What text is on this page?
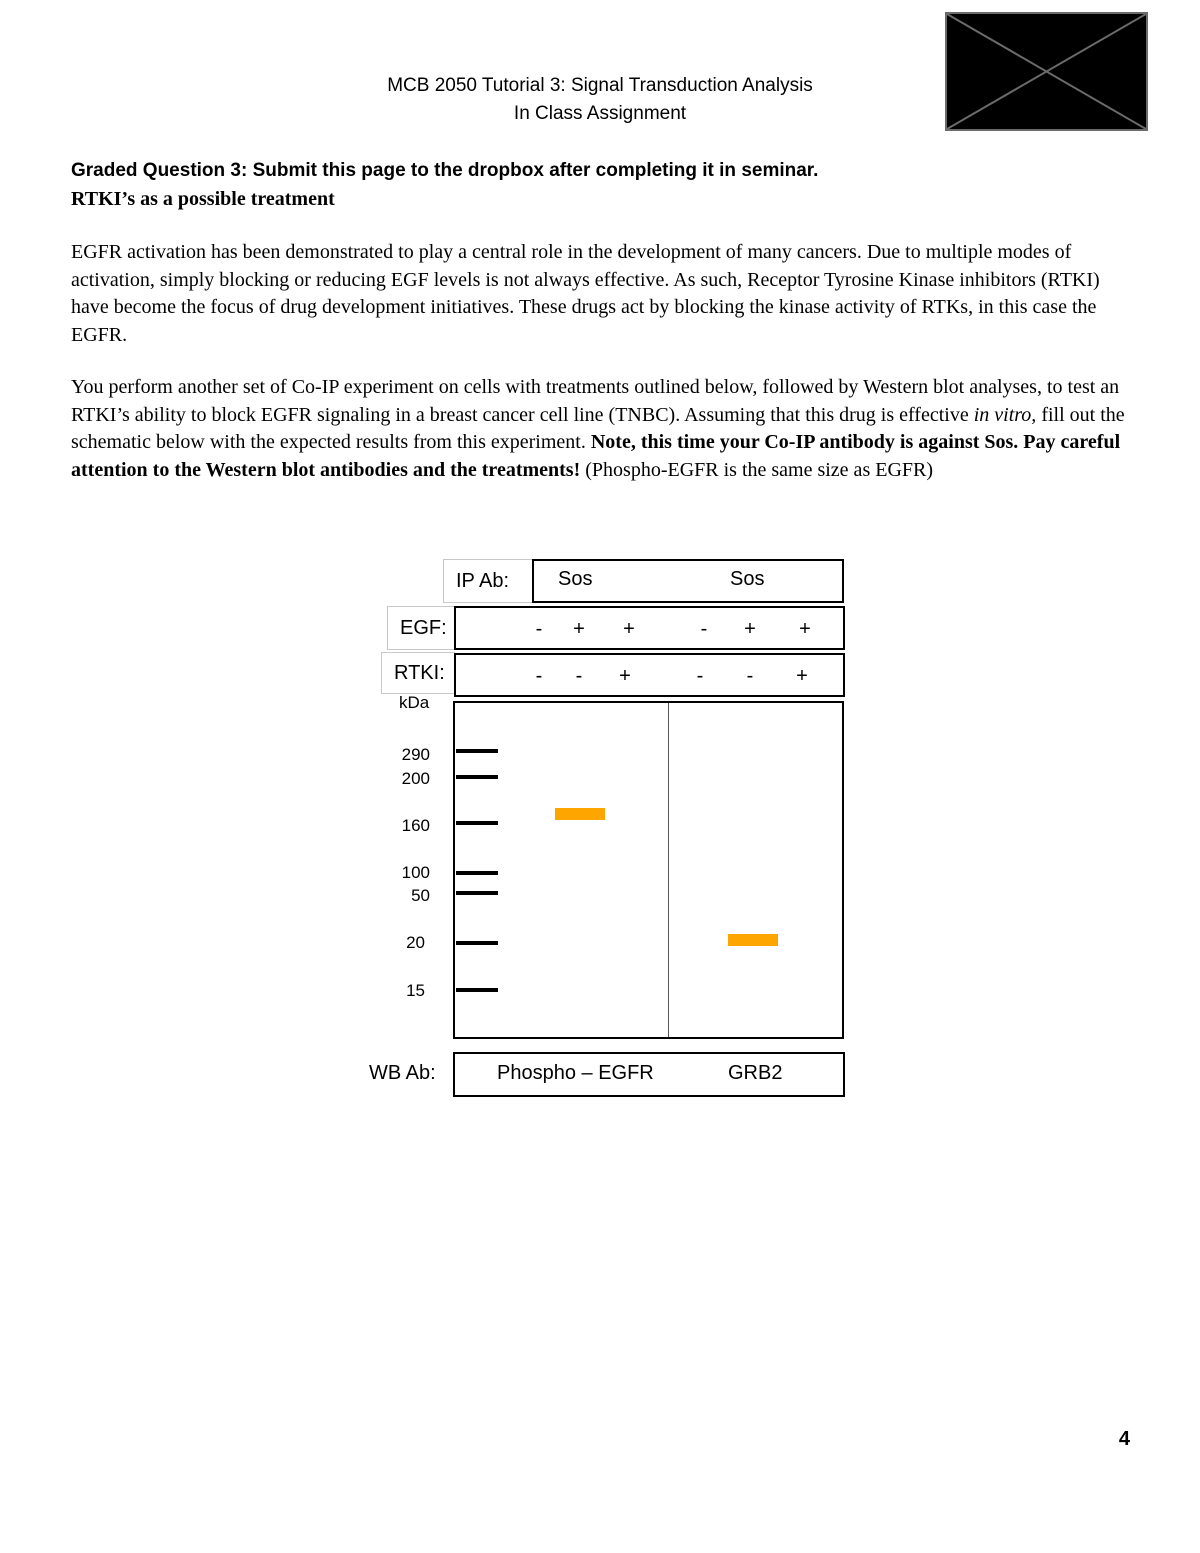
MCB 2050 Tutorial 3: Signal Transduction Analysis
In Class Assignment
Graded Question 3: Submit this page to the dropbox after completing it in seminar.
RTKI’s as a possible treatment
EGFR activation has been demonstrated to play a central role in the development of many cancers. Due to multiple modes of activation, simply blocking or reducing EGF levels is not always effective. As such, Receptor Tyrosine Kinase inhibitors (RTKI) have become the focus of drug development initiatives. These drugs act by blocking the kinase activity of RTKs, in this case the EGFR.
You perform another set of Co-IP experiment on cells with treatments outlined below, followed by Western blot analyses, to test an RTKI’s ability to block EGFR signaling in a breast cancer cell line (TNBC). Assuming that this drug is effective in vitro, fill out the schematic below with the expected results from this experiment. Note, this time your Co-IP antibody is against Sos. Pay careful attention to the Western blot antibodies and the treatments! (Phospho-EGFR is the same size as EGFR)
IP Ab:	Sos	Sos
EGF:	-	+ +	-	+ +
RTKI:	-	-	+	-	-	+
kDa
290
200
160
100
50
20
15
WB Ab:	Phospho – EGFR	GRB2
4
